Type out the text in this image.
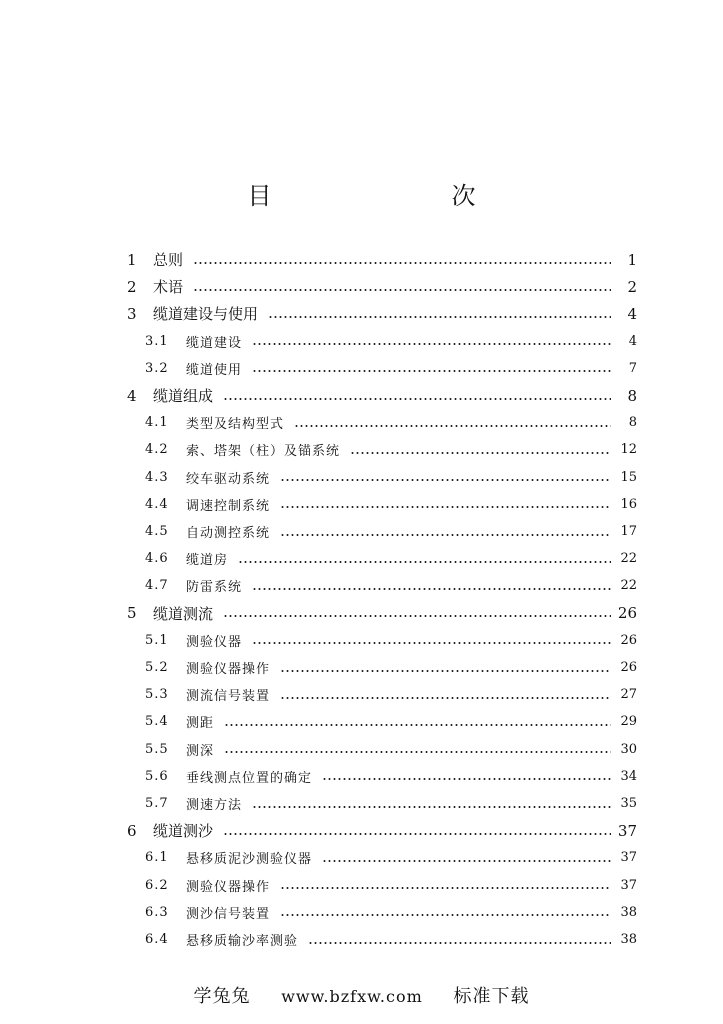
目　　次
1	总则	1
2	术语	2
3	缆道建设与使用	4
3.1	缆道建设	4
3.2	缆道使用	7
4	缆道组成	8
4.1	类型及结构型式	8
4.2	索、塔架（柱）及锚系统	12
4.3	绞车驱动系统	15
4.4	调速控制系统	16
4.5	自动测控系统	17
4.6	缆道房	22
4.7	防雷系统	22
5	缆道测流	26
5.1	测验仪器	26
5.2	测验仪器操作	26
5.3	测流信号装置	27
5.4	测距	29
5.5	测深	30
5.6	垂线测点位置的确定	34
5.7	测速方法	35
6	缆道测沙	37
6.1	悬移质泥沙测验仪器	37
6.2	测验仪器操作	37
6.3	测沙信号装置	38
6.4	悬移质输沙率测验	38
学兔兔 www.bzfxw.com 标准下载
